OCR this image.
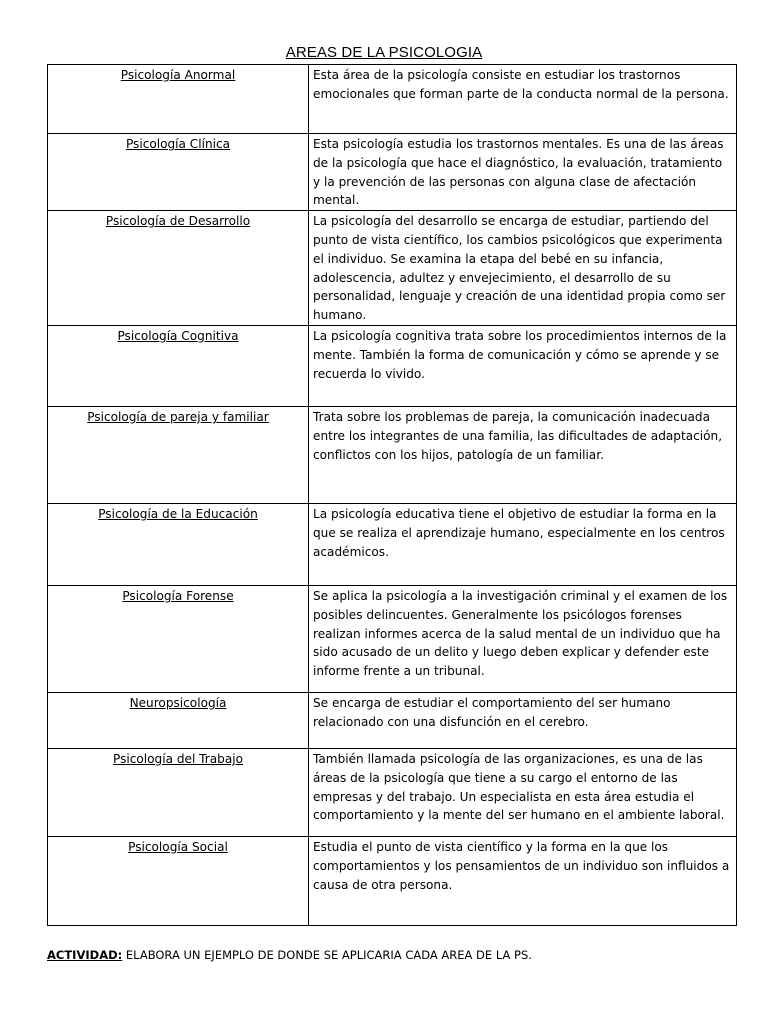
AREAS DE LA PSICOLOGIA
Psicología Anormal	Esta área de la psicología consiste en estudiar los trastornos emocionales que forman parte de la conducta normal de la persona.
Psicología Clínica	Esta psicología estudia los trastornos mentales. Es una de las áreas de la psicología que hace el diagnóstico, la evaluación, tratamiento y la prevención de las personas con alguna clase de afectación mental.
Psicología de Desarrollo	La psicología del desarrollo se encarga de estudiar, partiendo del punto de vista científico, los cambios psicológicos que experimenta el individuo. Se examina la etapa del bebé en su infancia, adolescencia, adultez y envejecimiento, el desarrollo de su personalidad, lenguaje y creación de una identidad propia como ser humano.
Psicología Cognitiva	La psicología cognitiva trata sobre los procedimientos internos de la mente. También la forma de comunicación y cómo se aprende y se recuerda lo vivido.
Psicología de pareja y familiar	Trata sobre los problemas de pareja, la comunicación inadecuada entre los integrantes de una familia, las dificultades de adaptación, conflictos con los hijos, patología de un familiar.
Psicología de la Educación	La psicología educativa tiene el objetivo de estudiar la forma en la que se realiza el aprendizaje humano, especialmente en los centros académicos.
Psicología Forense	Se aplica la psicología a la investigación criminal y el examen de los posibles delincuentes. Generalmente los psicólogos forenses realizan informes acerca de la salud mental de un individuo que ha sido acusado de un delito y luego deben explicar y defender este informe frente a un tribunal.
Neuropsicología	Se encarga de estudiar el comportamiento del ser humano relacionado con una disfunción en el cerebro.
Psicología del Trabajo	También llamada psicología de las organizaciones, es una de las áreas de la psicología que tiene a su cargo el entorno de las empresas y del trabajo. Un especialista en esta área estudia el comportamiento y la mente del ser humano en el ambiente laboral.
Psicología Social	Estudia el punto de vista científico y la forma en la que los comportamientos y los pensamientos de un individuo son influidos a causa de otra persona.
ACTIVIDAD: ELABORA UN EJEMPLO DE DONDE SE APLICARIA CADA AREA DE LA PS.
